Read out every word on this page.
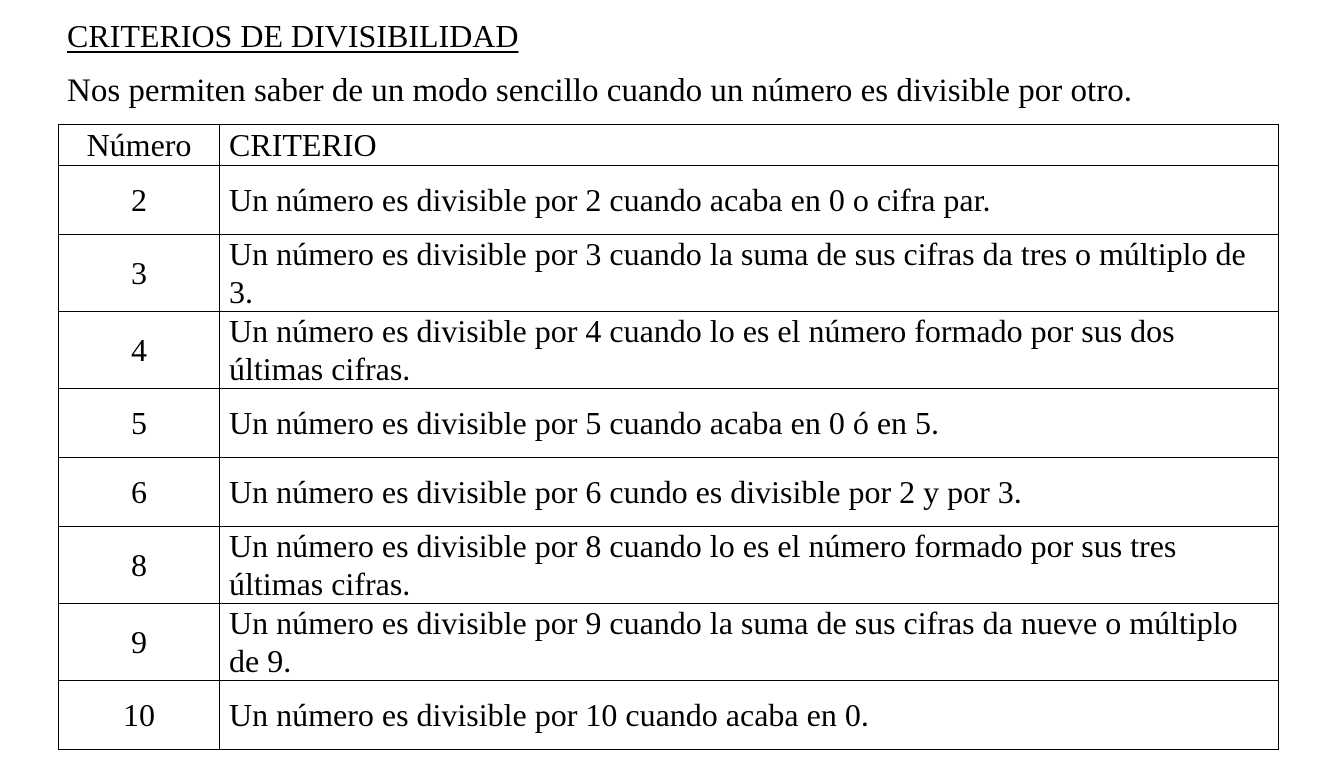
CRITERIOS DE DIVISIBILIDAD
Nos permiten saber de un modo sencillo cuando un número es divisible por otro.
Número	CRITERIO
2	Un número es divisible por 2 cuando acaba en 0 o cifra par.
3	Un número es divisible por 3 cuando la suma de sus cifras da tres o múltiplo de 3.
4	Un número es divisible por 4 cuando lo es el número formado por sus dos últimas cifras.
5	Un número es divisible por 5 cuando acaba en 0 ó en 5.
6	Un número es divisible por 6 cundo es divisible por 2 y por 3.
8	Un número es divisible por 8 cuando lo es el número formado por sus tres últimas cifras.
9	Un número es divisible por 9 cuando la suma de sus cifras da nueve o múltiplo de 9.
10	Un número es divisible por 10 cuando acaba en 0.
